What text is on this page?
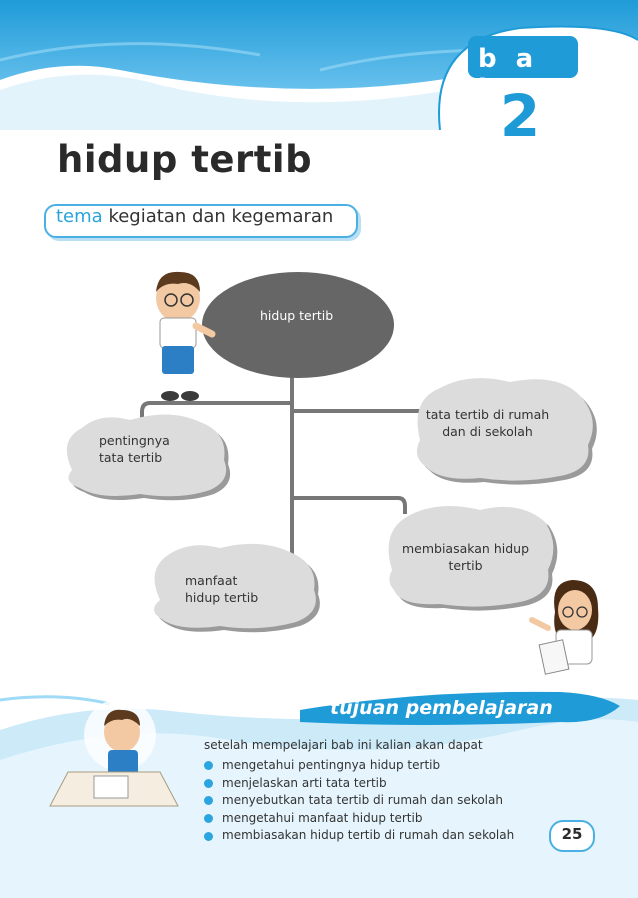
b a b
2
hidup tertib
tema kegiatan dan kegemaran
hidup tertib
pentingnya
tata tertib
tata tertib di rumah
dan di sekolah
membiasakan hidup
tertib
manfaat
hidup tertib
tujuan pembelajaran
setelah mempelajari bab ini kalian akan dapat
mengetahui pentingnya hidup tertib
menjelaskan arti tata tertib
menyebutkan tata tertib di rumah dan sekolah
mengetahui manfaat hidup tertib
membiasakan hidup tertib di rumah dan sekolah	25
